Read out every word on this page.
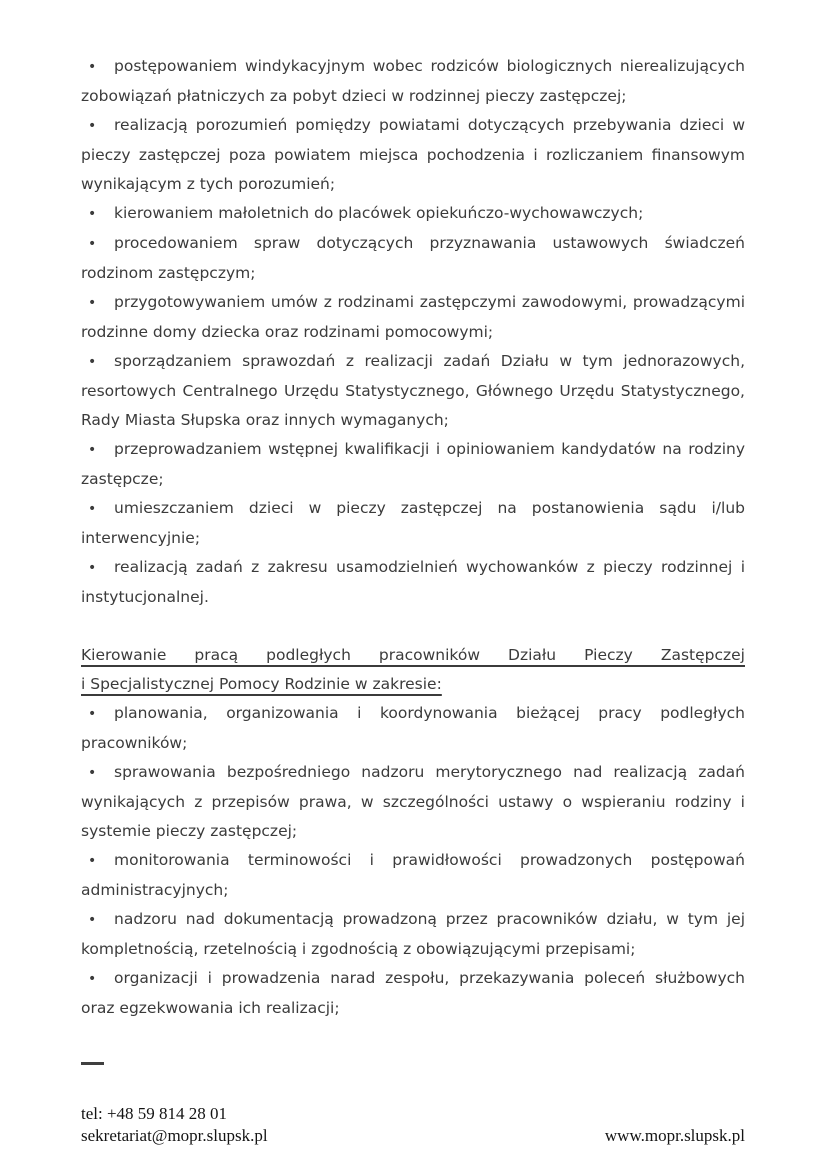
• postępowaniem windykacyjnym wobec rodziców biologicznych nierealizujących zobowiązań płatniczych za pobyt dzieci w rodzinnej pieczy zastępczej;

• realizacją porozumień pomiędzy powiatami dotyczących przebywania dzieci w pieczy zastępczej poza powiatem miejsca pochodzenia i rozliczaniem finansowym wynikającym z tych porozumień;

• kierowaniem małoletnich do placówek opiekuńczo-wychowawczych;

• procedowaniem spraw dotyczących przyznawania ustawowych świadczeń rodzinom zastępczym;

• przygotowywaniem umów z rodzinami zastępczymi zawodowymi, prowadzącymi rodzinne domy dziecka oraz rodzinami pomocowymi;

• sporządzaniem sprawozdań z realizacji zadań Działu w tym jednorazowych, resortowych Centralnego Urzędu Statystycznego, Głównego Urzędu Statystycznego, Rady Miasta Słupska oraz innych wymaganych;

• przeprowadzaniem wstępnej kwalifikacji i opiniowaniem kandydatów na rodziny zastępcze;

• umieszczaniem dzieci w pieczy zastępczej na postanowienia sądu i/lub interwencyjnie;

• realizacją zadań z zakresu usamodzielnień wychowanków z pieczy rodzinnej i instytucjonalnej.

Kierowanie pracą podległych pracowników Działu Pieczy Zastępczej
i Specjalistycznej Pomocy Rodzinie w zakresie:

• planowania, organizowania i koordynowania bieżącej pracy podległych pracowników;

• sprawowania bezpośredniego nadzoru merytorycznego nad realizacją zadań wynikających z przepisów prawa, w szczególności ustawy o wspieraniu rodziny i systemie pieczy zastępczej;

• monitorowania terminowości i prawidłowości prowadzonych postępowań administracyjnych;

• nadzoru nad dokumentacją prowadzoną przez pracowników działu, w tym jej kompletnością, rzetelnością i zgodnością z obowiązującymi przepisami;

• organizacji i prowadzenia narad zespołu, przekazywania poleceń służbowych oraz egzekwowania ich realizacji;

tel: +48 59 814 28 01
sekretariat@mopr.slupsk.pl	www.mopr.slupsk.pl
